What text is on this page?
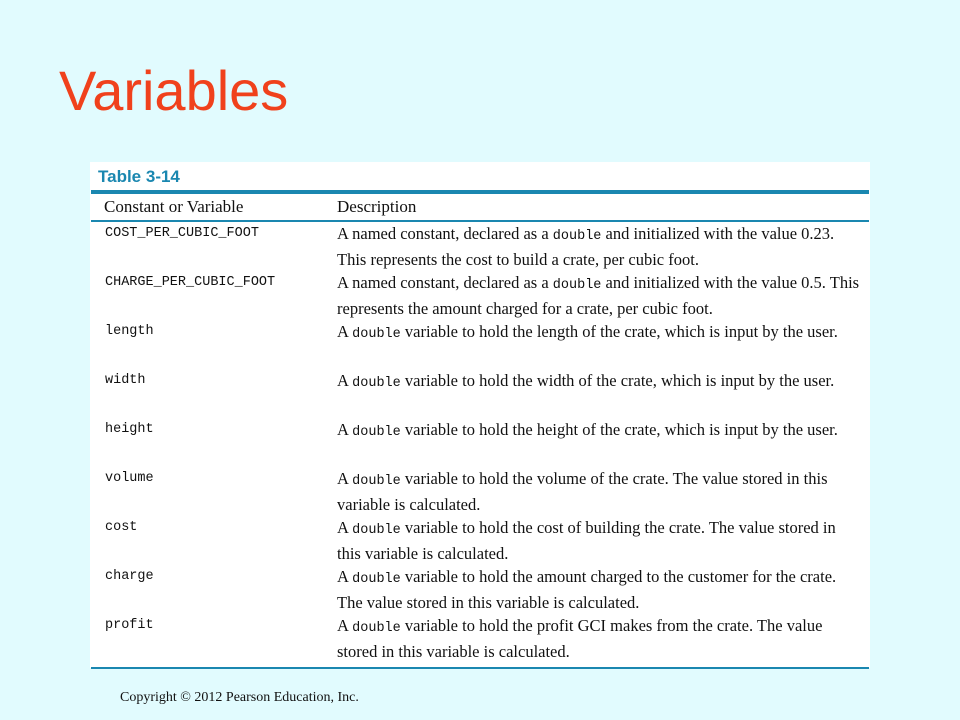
Variables
Table 3-14
Constant or Variable	Description

COST_PER_CUBIC_FOOT	A named constant, declared as a double and initialized with the value 0.23. This represents the cost to build a crate, per cubic foot.
CHARGE_PER_CUBIC_FOOT	A named constant, declared as a double and initialized with the value 0.5. This represents the amount charged for a crate, per cubic foot.
length	A double variable to hold the length of the crate, which is input by the user.
width	A double variable to hold the width of the crate, which is input by the user.
height	A double variable to hold the height of the crate, which is input by the user.
volume	A double variable to hold the volume of the crate. The value stored in this variable is calculated.
cost	A double variable to hold the cost of building the crate. The value stored in this variable is calculated.
charge	A double variable to hold the amount charged to the customer for the crate. The value stored in this variable is calculated.
profit	A double variable to hold the profit GCI makes from the crate. The value stored in this variable is calculated.
Copyright © 2012 Pearson Education, Inc.
